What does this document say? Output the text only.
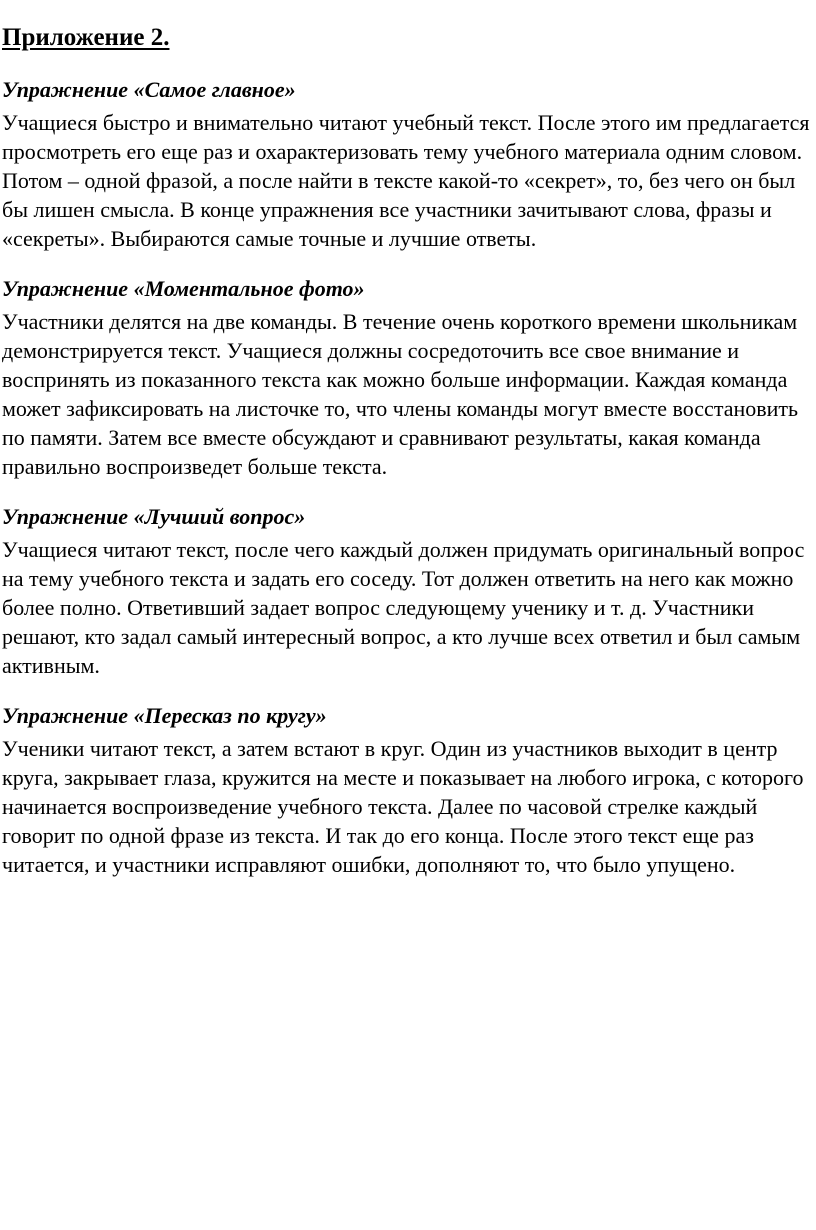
Приложение 2.
Упражнение «Самое главное»

Учащиеся быстро и внимательно читают учебный текст. После этого им предлагается просмотреть его еще раз и охарактеризовать тему учебного материала одним словом. Потом – одной фразой, а после найти в тексте какой-то «секрет», то, без чего он был бы лишен смысла. В конце упражнения все участники зачитывают слова, фразы и «секреты». Выбираются самые точные и лучшие ответы.

Упражнение «Моментальное фото»

Участники делятся на две команды. В течение очень короткого времени школьникам демонстрируется текст. Учащиеся должны сосредоточить все свое внимание и воспринять из показанного текста как можно больше информации. Каждая команда может зафиксировать на листочке то, что члены команды могут вместе восстановить по памяти. Затем все вместе обсуждают и сравнивают результаты, какая команда правильно воспроизведет больше текста.

Упражнение «Лучший вопрос»

Учащиеся читают текст, после чего каждый должен придумать оригинальный вопрос на тему учебного текста и задать его соседу. Тот должен ответить на него как можно более полно. Ответивший задает вопрос следующему ученику и т. д. Участники решают, кто задал самый интересный вопрос, а кто лучше всех ответил и был самым активным.

Упражнение «Пересказ по кругу»

Ученики читают текст, а затем встают в круг. Один из участников выходит в центр круга, закрывает глаза, кружится на месте и показывает на любого игрока, с которого начинается воспроизведение учебного текста. Далее по часовой стрелке каждый говорит по одной фразе из текста. И так до его конца. После этого текст еще раз читается, и участники исправляют ошибки, дополняют то, что было упущено.
